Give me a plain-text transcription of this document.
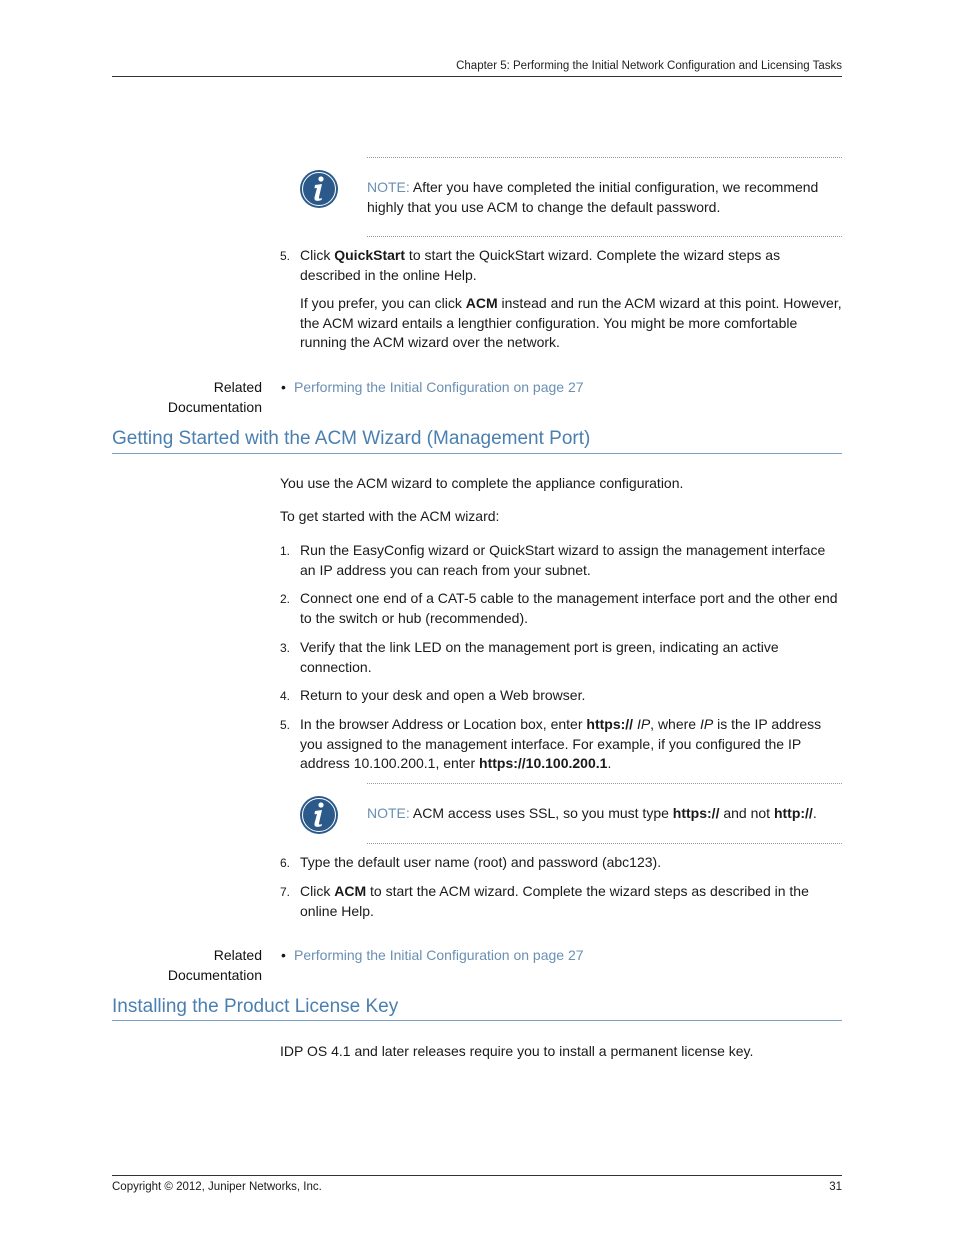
Chapter 5: Performing the Initial Network Configuration and Licensing Tasks
NOTE: After you have completed the initial configuration, we recommend highly that you use ACM to change the default password.
5. Click QuickStart to start the QuickStart wizard. Complete the wizard steps as described in the online Help.
If you prefer, you can click ACM instead and run the ACM wizard at this point. However, the ACM wizard entails a lengthier configuration. You might be more comfortable running the ACM wizard over the network.
Related
Documentation
• Performing the Initial Configuration on page 27
Getting Started with the ACM Wizard (Management Port)
You use the ACM wizard to complete the appliance configuration.
To get started with the ACM wizard:
1. Run the EasyConfig wizard or QuickStart wizard to assign the management interface an IP address you can reach from your subnet.
2. Connect one end of a CAT-5 cable to the management interface port and the other end to the switch or hub (recommended).
3. Verify that the link LED on the management port is green, indicating an active connection.
4. Return to your desk and open a Web browser.
5. In the browser Address or Location box, enter https:// IP, where IP is the IP address you assigned to the management interface. For example, if you configured the IP address 10.100.200.1, enter https://10.100.200.1.
NOTE: ACM access uses SSL, so you must type https:// and not http://.
6. Type the default user name (root) and password (abc123).
7. Click ACM to start the ACM wizard. Complete the wizard steps as described in the online Help.
Related
Documentation
• Performing the Initial Configuration on page 27
Installing the Product License Key
IDP OS 4.1 and later releases require you to install a permanent license key.
Copyright © 2012, Juniper Networks, Inc.	31
